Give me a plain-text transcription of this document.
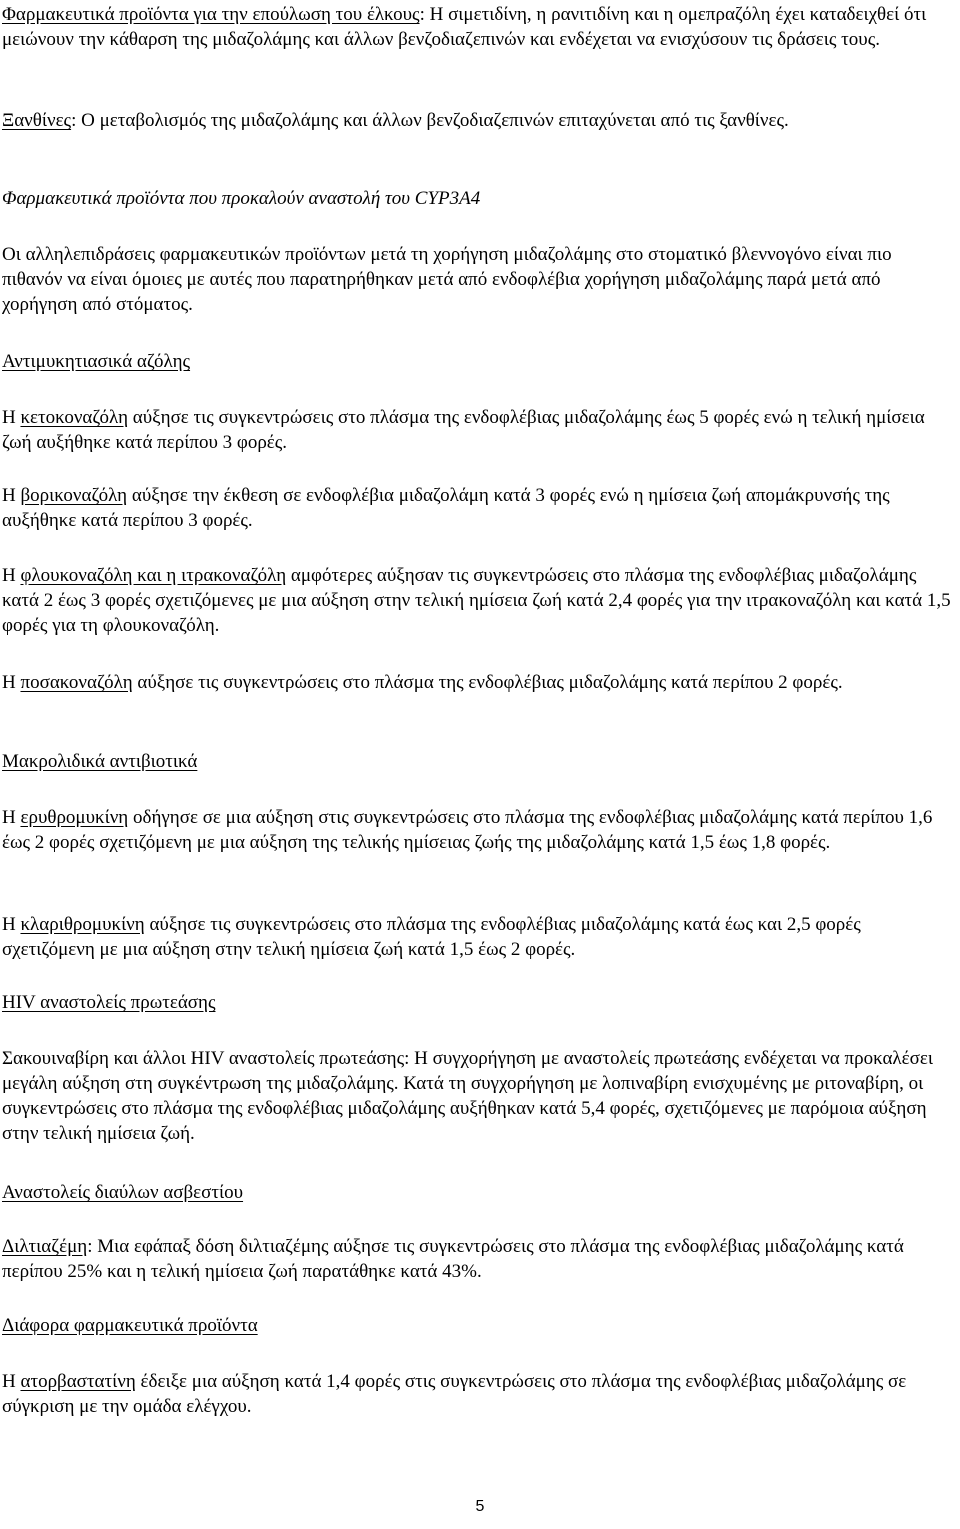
Φαρμακευτικά προϊόντα για την επούλωση του έλκους: Η σιμετιδίνη, η ρανιτιδίνη και η ομεπραζόλη έχει καταδειχθεί ότι μειώνουν την κάθαρση της μιδαζολάμης και άλλων βενζοδιαζεπινών και ενδέχεται να ενισχύσουν τις δράσεις τους.

Ξανθίνες: Ο μεταβολισμός της μιδαζολάμης και άλλων βενζοδιαζεπινών επιταχύνεται από τις ξανθίνες.

Φαρμακευτικά προϊόντα που προκαλούν αναστολή του CYP3A4

Οι αλληλεπιδράσεις φαρμακευτικών προϊόντων μετά τη χορήγηση μιδαζολάμης στο στοματικό βλεννογόνο είναι πιο πιθανόν να είναι όμοιες με αυτές που παρατηρήθηκαν μετά από ενδοφλέβια χορήγηση μιδαζολάμης παρά μετά από χορήγηση από στόματος.

Αντιμυκητιασικά αζόλης

Η κετοκοναζόλη αύξησε τις συγκεντρώσεις στο πλάσμα της ενδοφλέβιας μιδαζολάμης έως 5 φορές ενώ η τελική ημίσεια ζωή αυξήθηκε κατά περίπου 3 φορές.

Η βορικοναζόλη αύξησε την έκθεση σε ενδοφλέβια μιδαζολάμη κατά 3 φορές ενώ η ημίσεια ζωή απομάκρυνσής της αυξήθηκε κατά περίπου 3 φορές.

Η φλουκοναζόλη και η ιτρακοναζόλη αμφότερες αύξησαν τις συγκεντρώσεις στο πλάσμα της ενδοφλέβιας μιδαζολάμης κατά 2 έως 3 φορές σχετιζόμενες με μια αύξηση στην τελική ημίσεια ζωή κατά 2,4 φορές για την ιτρακοναζόλη και κατά 1,5 φορές για τη φλουκοναζόλη.

Η ποσακοναζόλη αύξησε τις συγκεντρώσεις στο πλάσμα της ενδοφλέβιας μιδαζολάμης κατά περίπου 2 φορές.

Μακρολιδικά αντιβιοτικά

Η ερυθρομυκίνη οδήγησε σε μια αύξηση στις συγκεντρώσεις στο πλάσμα της ενδοφλέβιας μιδαζολάμης κατά περίπου 1,6 έως 2 φορές σχετιζόμενη με μια αύξηση της τελικής ημίσειας ζωής της μιδαζολάμης κατά 1,5 έως 1,8 φορές.

Η κλαριθρομυκίνη αύξησε τις συγκεντρώσεις στο πλάσμα της ενδοφλέβιας μιδαζολάμης κατά έως και 2,5 φορές σχετιζόμενη με μια αύξηση στην τελική ημίσεια ζωή κατά 1,5 έως 2 φορές.

HIV αναστολείς πρωτεάσης

Σακουιναβίρη και άλλοι HIV αναστολείς πρωτεάσης: Η συγχορήγηση με αναστολείς πρωτεάσης ενδέχεται να προκαλέσει μεγάλη αύξηση στη συγκέντρωση της μιδαζολάμης. Κατά τη συγχορήγηση με λοπιναβίρη ενισχυμένης με ριτοναβίρη, οι συγκεντρώσεις στο πλάσμα της ενδοφλέβιας μιδαζολάμης αυξήθηκαν κατά 5,4 φορές, σχετιζόμενες με παρόμοια αύξηση στην τελική ημίσεια ζωή.

Αναστολείς διαύλων ασβεστίου

Διλτιαζέμη: Μια εφάπαξ δόση διλτιαζέμης αύξησε τις συγκεντρώσεις στο πλάσμα της ενδοφλέβιας μιδαζολάμης κατά περίπου 25% και η τελική ημίσεια ζωή παρατάθηκε κατά 43%.

Διάφορα φαρμακευτικά προϊόντα

Η ατορβαστατίνη έδειξε μια αύξηση κατά 1,4 φορές στις συγκεντρώσεις στο πλάσμα της ενδοφλέβιας μιδαζολάμης σε σύγκριση με την ομάδα ελέγχου.

5
